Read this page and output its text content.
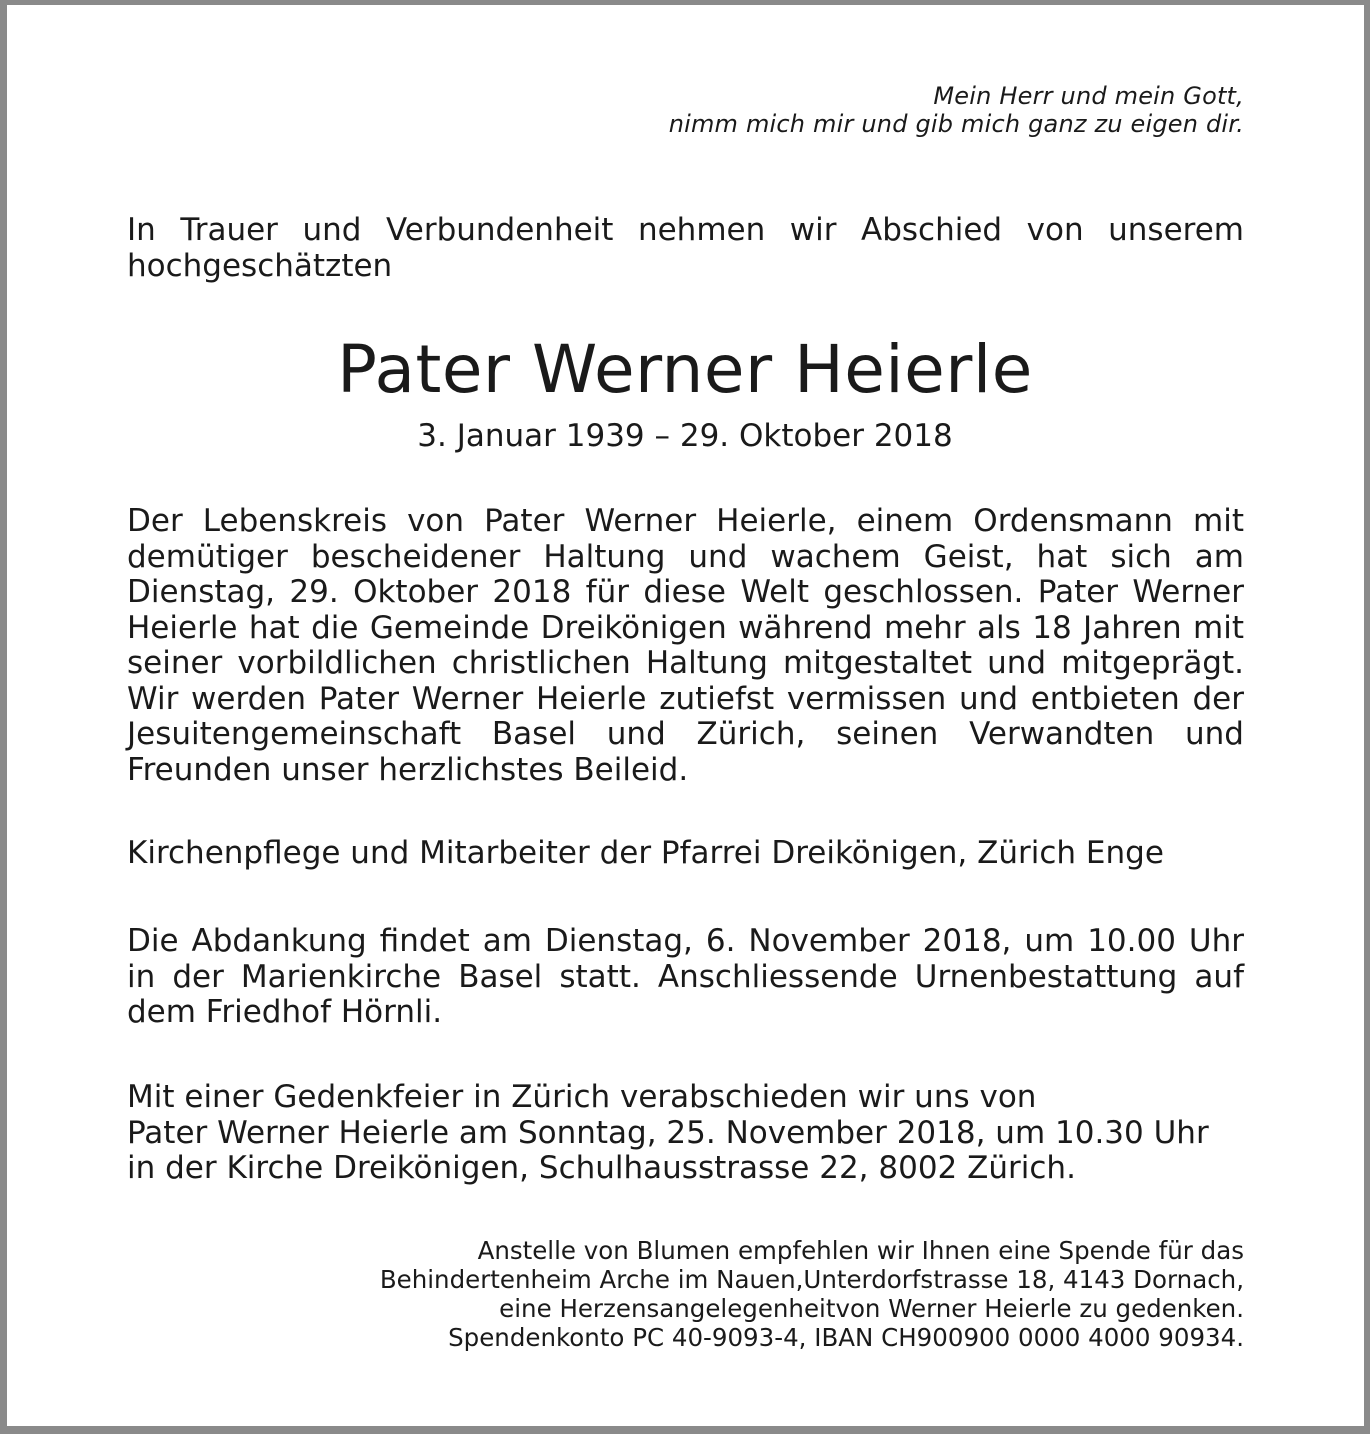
Mein Herr und mein Gott,
nimm mich mir und gib mich ganz zu eigen dir.

In Trauer und Verbundenheit nehmen wir Abschied von unserem hochgeschätzten

Pater Werner Heierle
3. Januar 1939 – 29. Oktober 2018

Der Lebenskreis von Pater Werner Heierle, einem Ordensmann mit demütiger bescheidener Haltung und wachem Geist, hat sich am Dienstag, 29. Oktober 2018 für diese Welt geschlossen. Pater Werner Heierle hat die Gemeinde Dreikönigen während mehr als 18 Jahren mit seiner vorbildlichen christlichen Haltung mitgestaltet und mitgeprägt. Wir werden Pater Werner Heierle zutiefst vermissen und entbieten der Jesuitengemeinschaft Basel und Zürich, seinen Verwandten und Freunden unser herzlichstes Beileid.

Kirchenpflege und Mitarbeiter der Pfarrei Dreikönigen, Zürich Enge

Die Abdankung findet am Dienstag, 6. November 2018, um 10.00 Uhr in der Marienkirche Basel statt. Anschliessende Urnenbestattung auf dem Friedhof Hörnli.

Mit einer Gedenkfeier in Zürich verabschieden wir uns von
Pater Werner Heierle am Sonntag, 25. November 2018, um 10.30 Uhr
in der Kirche Dreikönigen, Schulhausstrasse 22, 8002 Zürich.
Anstelle von Blumen empfehlen wir Ihnen eine Spende für das
Behindertenheim Arche im Nauen,Unterdorfstrasse 18, 4143 Dornach,
eine Herzensangelegenheitvon Werner Heierle zu gedenken.
Spendenkonto PC 40-9093-4, IBAN CH900900 0000 4000 90934.
